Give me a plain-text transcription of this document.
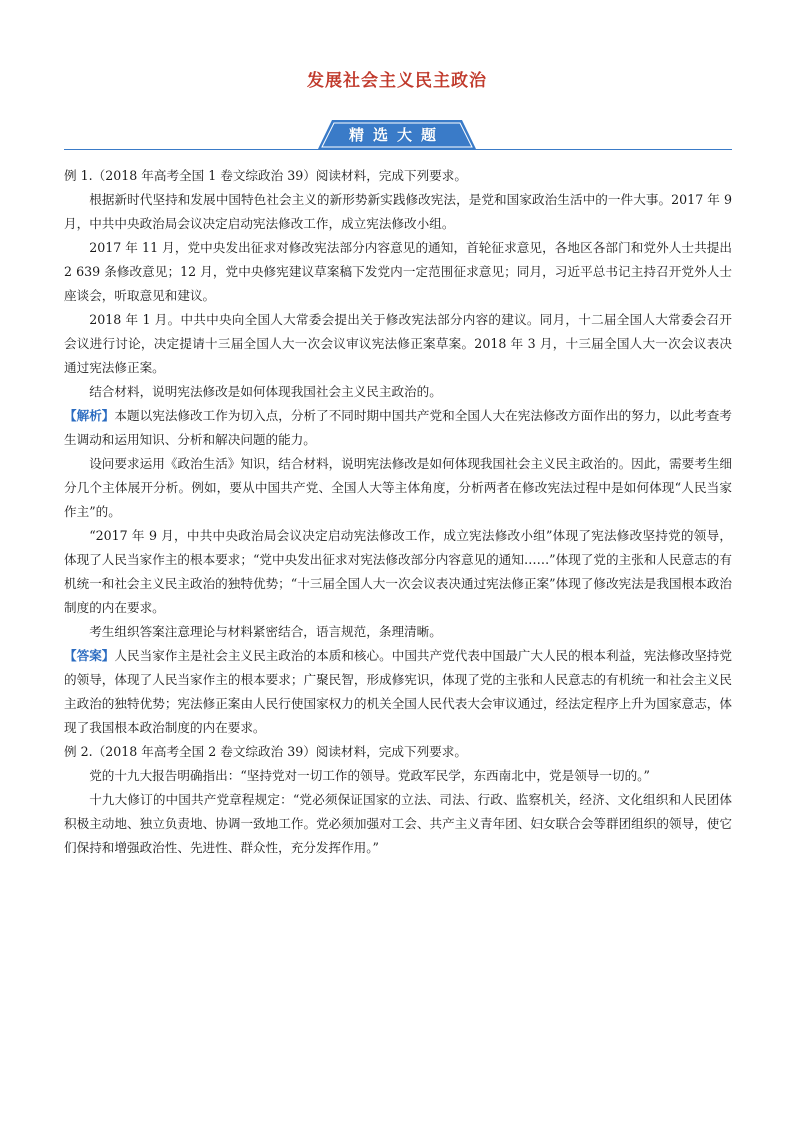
发展社会主义民主政治
精选大题

例 1.（2018 年高考全国 1 卷文综政治 39）阅读材料，完成下列要求。

根据新时代坚持和发展中国特色社会主义的新形势新实践修改宪法，是党和国家政治生活中的一件大事。2017 年 9 月，中共中央政治局会议决定启动宪法修改工作，成立宪法修改小组。

2017 年 11 月，党中央发出征求对修改宪法部分内容意见的通知，首轮征求意见，各地区各部门和党外人士共提出 2 639 条修改意见；12 月，党中央修宪建议草案稿下发党内一定范围征求意见；同月，习近平总书记主持召开党外人士座谈会，听取意见和建议。

2018 年 1 月。中共中央向全国人大常委会提出关于修改宪法部分内容的建议。同月，十二届全国人大常委会召开会议进行讨论，决定提请十三届全国人大一次会议审议宪法修正案草案。2018 年 3 月，十三届全国人大一次会议表决通过宪法修正案。

结合材料，说明宪法修改是如何体现我国社会主义民主政治的。

【解析】本题以宪法修改工作为切入点，分析了不同时期中国共产党和全国人大在宪法修改方面作出的努力，以此考查考生调动和运用知识、分析和解决问题的能力。

设问要求运用《政治生活》知识，结合材料，说明宪法修改是如何体现我国社会主义民主政治的。因此，需要考生细分几个主体展开分析。例如，要从中国共产党、全国人大等主体角度，分析两者在修改宪法过程中是如何体现“人民当家作主”的。

“2017 年 9 月，中共中央政治局会议决定启动宪法修改工作，成立宪法修改小组”体现了宪法修改坚持党的领导，体现了人民当家作主的根本要求；“党中央发出征求对宪法修改部分内容意见的通知……”体现了党的主张和人民意志的有机统一和社会主义民主政治的独特优势；“十三届全国人大一次会议表决通过宪法修正案”体现了修改宪法是我国根本政治制度的内在要求。

考生组织答案注意理论与材料紧密结合，语言规范，条理清晰。

【答案】人民当家作主是社会主义民主政治的本质和核心。中国共产党代表中国最广大人民的根本利益，宪法修改坚持党的领导，体现了人民当家作主的根本要求；广聚民智，形成修宪识，体现了党的主张和人民意志的有机统一和社会主义民主政治的独特优势；宪法修正案由人民行使国家权力的机关全国人民代表大会审议通过，经法定程序上升为国家意志，体现了我国根本政治制度的内在要求。

例 2.（2018 年高考全国 2 卷文综政治 39）阅读材料，完成下列要求。

党的十九大报告明确指出：“坚持党对一切工作的领导。党政军民学，东西南北中，党是领导一切的。”

十九大修订的中国共产党章程规定：“党必须保证国家的立法、司法、行政、监察机关，经济、文化组织和人民团体积极主动地、独立负责地、协调一致地工作。党必须加强对工会、共产主义青年团、妇女联合会等群团组织的领导，使它们保持和增强政治性、先进性、群众性，充分发挥作用。”
